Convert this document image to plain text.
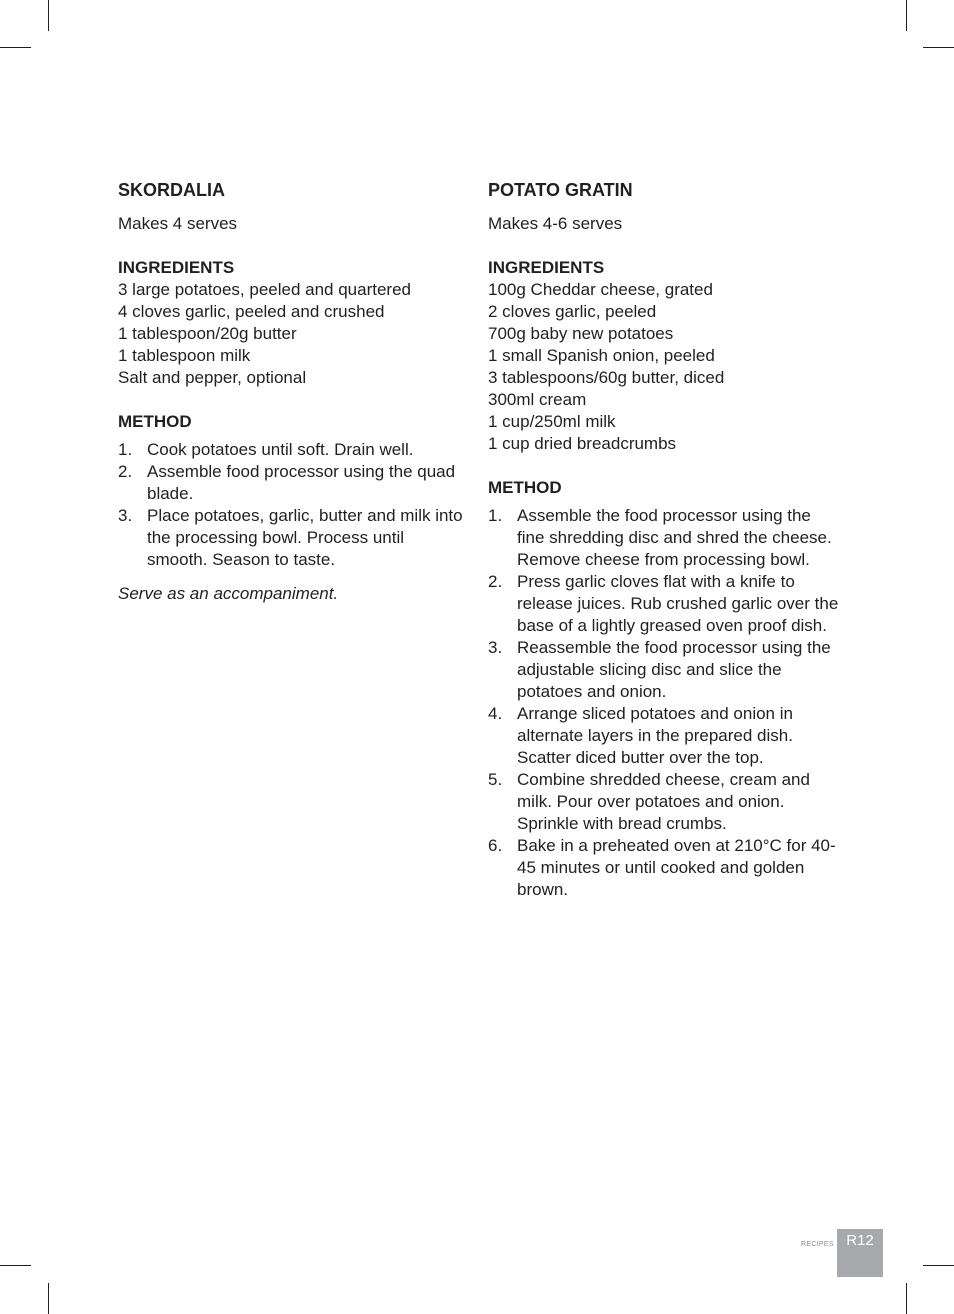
SKORDALIA
Makes 4 serves
INGREDIENTS
3 large potatoes, peeled and quartered
4 cloves garlic, peeled and crushed
1 tablespoon/20g butter
1 tablespoon milk
Salt and pepper, optional
METHOD
1. Cook potatoes until soft. Drain well.
2. Assemble food processor using the quad blade.
3. Place potatoes, garlic, butter and milk into the processing bowl. Process until smooth. Season to taste.
Serve as an accompaniment.
POTATO GRATIN
Makes 4-6 serves
INGREDIENTS
100g Cheddar cheese, grated
2 cloves garlic, peeled
700g baby new potatoes
1 small Spanish onion, peeled
3 tablespoons/60g butter, diced
300ml cream
1 cup/250ml milk
1 cup dried breadcrumbs
METHOD
1. Assemble the food processor using the fine shredding disc and shred the cheese. Remove cheese from processing bowl.
2. Press garlic cloves flat with a knife to release juices. Rub crushed garlic over the base of a lightly greased oven proof dish.
3. Reassemble the food processor using the adjustable slicing disc and slice the potatoes and onion.
4. Arrange sliced potatoes and onion in alternate layers in the prepared dish. Scatter diced butter over the top.
5. Combine shredded cheese, cream and milk. Pour over potatoes and onion. Sprinkle with bread crumbs.
6. Bake in a preheated oven at 210°C for 40-45 minutes or until cooked and golden brown.
RECIPES R12
